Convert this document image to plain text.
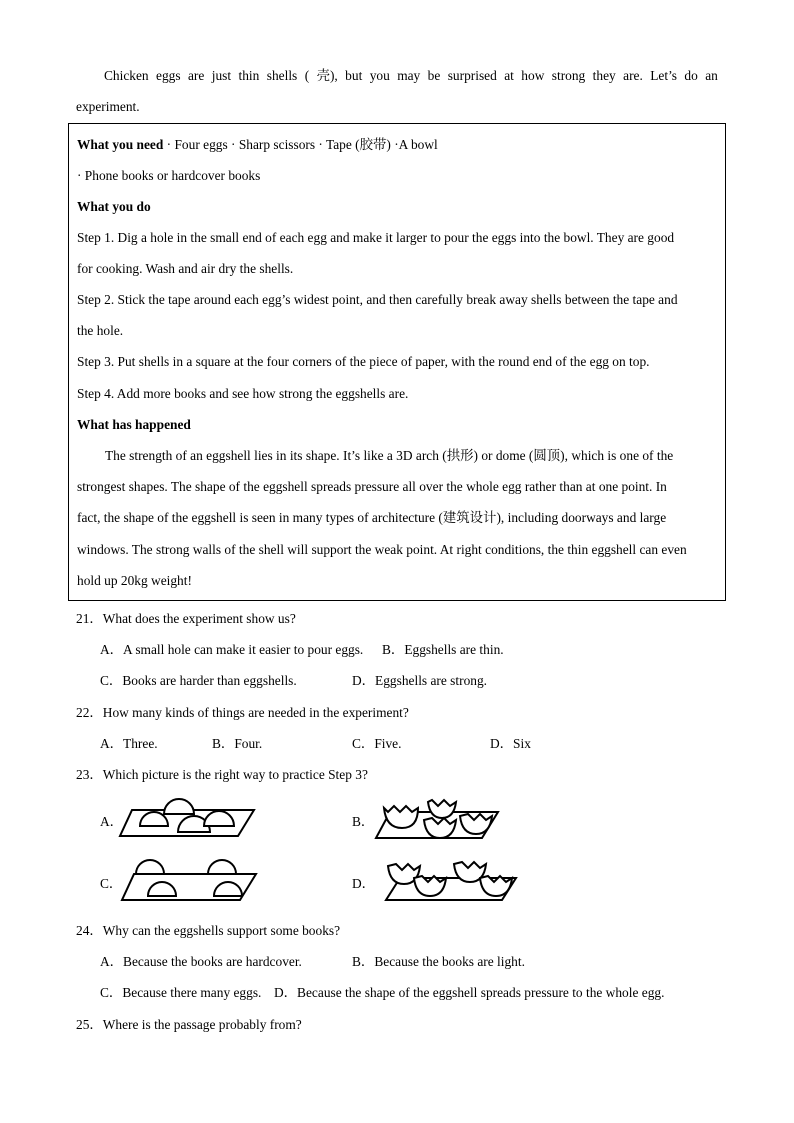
Chicken eggs are just thin shells ( 壳), but you may be surprised at how strong they are. Let’s do an
experiment.
What you need · Four eggs · Sharp scissors · Tape (胶带) ·A bowl
· Phone books or hardcover books
What you do
Step 1. Dig a hole in the small end of each egg and make it larger to pour the eggs into the bowl. They are good
for cooking. Wash and air dry the shells.
Step 2. Stick the tape around each egg’s widest point, and then carefully break away shells between the tape and
the hole.
Step 3. Put shells in a square at the four corners of the piece of paper, with the round end of the egg on top.
Step 4. Add more books and see how strong the eggshells are.
What has happened
The strength of an eggshell lies in its shape. It’s like a 3D arch (拱形) or dome (圆顶), which is one of the
strongest shapes. The shape of the eggshell spreads pressure all over the whole egg rather than at one point. In
fact, the shape of the eggshell is seen in many types of architecture (建筑设计), including doorways and large
windows. The strong walls of the shell will support the weak point. At right conditions, the thin eggshell can even
hold up 20kg weight!
21．What does the experiment show us?
A．A small hole can make it easier to pour eggs. B．Eggshells are thin.
C．Books are harder than eggshells.	D．Eggshells are strong.
22．How many kinds of things are needed in the experiment?
A．Three.	B．Four.	C．Five.	D．Six
23．Which picture is the right way to practice Step 3?
A．	B．
C．	D．
24．Why can the eggshells support some books?
A．Because the books are hardcover.	B．Because the books are light.
C．Because there many eggs. D．Because the shape of the eggshell spreads pressure to the whole egg.
25．Where is the passage probably from?
